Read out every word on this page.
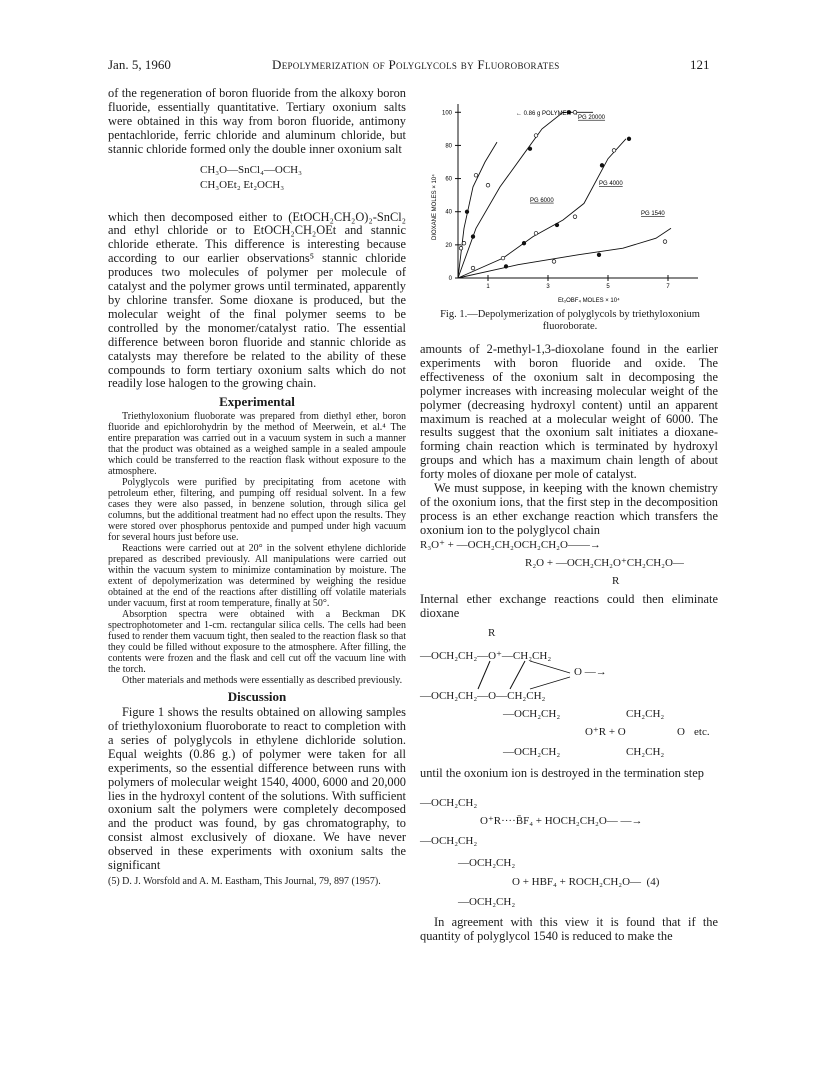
Jan. 5, 1960	Depolymerization of Polyglycols by Fluoroborates	121

of the regeneration of boron fluoride from the alkoxy boron fluoride, essentially quantitative. Tertiary oxonium salts were obtained in this way from boron fluoride, antimony pentachloride, ferric chloride and aluminum chloride, but stannic chloride formed only the double inner oxonium salt

CH₃O—SnCl₄—OCH₃
CH₃OEt₂ Et₂OCH₃

which then decomposed either to (EtOCH₂CH₂O)₂-SnCl₂ and ethyl chloride or to EtOCH₂CH₂OEt and stannic chloride etherate. This difference is interesting because according to our earlier observations⁵ stannic chloride produces two molecules of polymer per molecule of catalyst and the polymer grows until terminated, apparently by chlorine transfer. Some dioxane is produced, but the molecular weight of the final polymer seems to be controlled by the monomer/catalyst ratio. The essential difference between boron fluoride and stannic chloride as catalysts may therefore be related to the ability of these compounds to form tertiary oxonium salts which do not readily lose halogen to the growing chain.

Experimental

Triethyloxonium fluoborate was prepared from diethyl ether, boron fluoride and epichlorohydrin by the method of Meerwein, et al.⁴ The entire preparation was carried out in a vacuum system in such a manner that the product was obtained as a weighed sample in a sealed ampoule which could be transferred to the reaction flask without exposure to the atmosphere.

Polyglycols were purified by precipitating from acetone with petroleum ether, filtering, and pumping off residual solvent. In a few cases they were also passed, in benzene solution, through silica gel columns, but the additional treatment had no effect upon the results. They were stored over phosphorus pentoxide and pumped under high vacuum for several hours just before use.

Reactions were carried out at 20° in the solvent ethylene dichloride prepared as described previously. All manipulations were carried out within the vacuum system to minimize contamination by moisture. The extent of depolymerization was determined by weighing the residue obtained at the end of the reactions after distilling off volatile materials under vacuum, first at room temperature, finally at 50°.

Absorption spectra were obtained with a Beckman DK spectrophotometer and 1-cm. rectangular silica cells. The cells had been fused to render them vacuum tight, then sealed to the reaction flask so that they could be filled without exposure to the atmosphere. After filling, the contents were frozen and the flask and cell cut off the vacuum line with the torch.

Other materials and methods were essentially as described previously.

Discussion

Figure 1 shows the results obtained on allowing samples of triethyloxonium fluoroborate to react to completion with a series of polyglycols in ethylene dichloride solution. Equal weights (0.86 g.) of polymer were taken for all experiments, so the essential difference between runs with polymers of molecular weight 1540, 4000, 6000 and 20,000 lies in the hydroxyl content of the solutions. With sufficient oxonium salt the polymers were completely decomposed and the product was found, by gas chromatography, to consist almost exclusively of dioxane. We have never observed in these experiments with oxonium salts the significant

(5) D. J. Worsfold and A. M. Eastham, This Journal, 79, 897 (1957).

0
20
40
60
80
100
1	3	5	7
PG 20000
PG 6000
PG 4000
PG 1540
DIOXANE MOLES × 10⁴
Et₃OBF₄ MOLES × 10⁴
← 0.86 g POLYMER →
Fig. 1.—Depolymerization of polyglycols by triethyloxonium fluoroborate.

amounts of 2-methyl-1,3-dioxolane found in the earlier experiments with boron fluoride and oxide. The effectiveness of the oxonium salt in decomposing the polymer increases with increasing molecular weight of the polymer (decreasing hydroxyl content) until an apparent maximum is reached at a molecular weight of 6000. The results suggest that the oxonium salt initiates a dioxane-forming chain reaction which is terminated by hydroxyl groups and which has a maximum chain length of about forty moles of dioxane per mole of catalyst.

We must suppose, in keeping with the known chemistry of the oxonium ions, that the first step in the decomposition process is an ether exchange reaction which transfers the oxonium ion to the polyglycol chain

R₃O⁺ + —OCH₂CH₂OCH₂CH₂O——→
R₂O + —OCH₂CH₂O⁺CH₂CH₂O—
R

Internal ether exchange reactions could then eliminate dioxane

R
—OCH₂CH₂—O⁺—CH₂CH₂
O —→
—OCH₂CH₂—O—CH₂CH₂
—OCH₂CH₂	CH₂CH₂
O⁺R + O	O etc.
—OCH₂CH₂	CH₂CH₂

until the oxonium ion is destroyed in the termination step

—OCH₂CH₂
O⁺R····B̄F₄ + HOCH₂CH₂O— —→
—OCH₂CH₂
—OCH₂CH₂
O + HBF₄ + ROCH₂CH₂O—  (4)
—OCH₂CH₂

In agreement with this view it is found that if the quantity of polyglycol 1540 is reduced to make the
